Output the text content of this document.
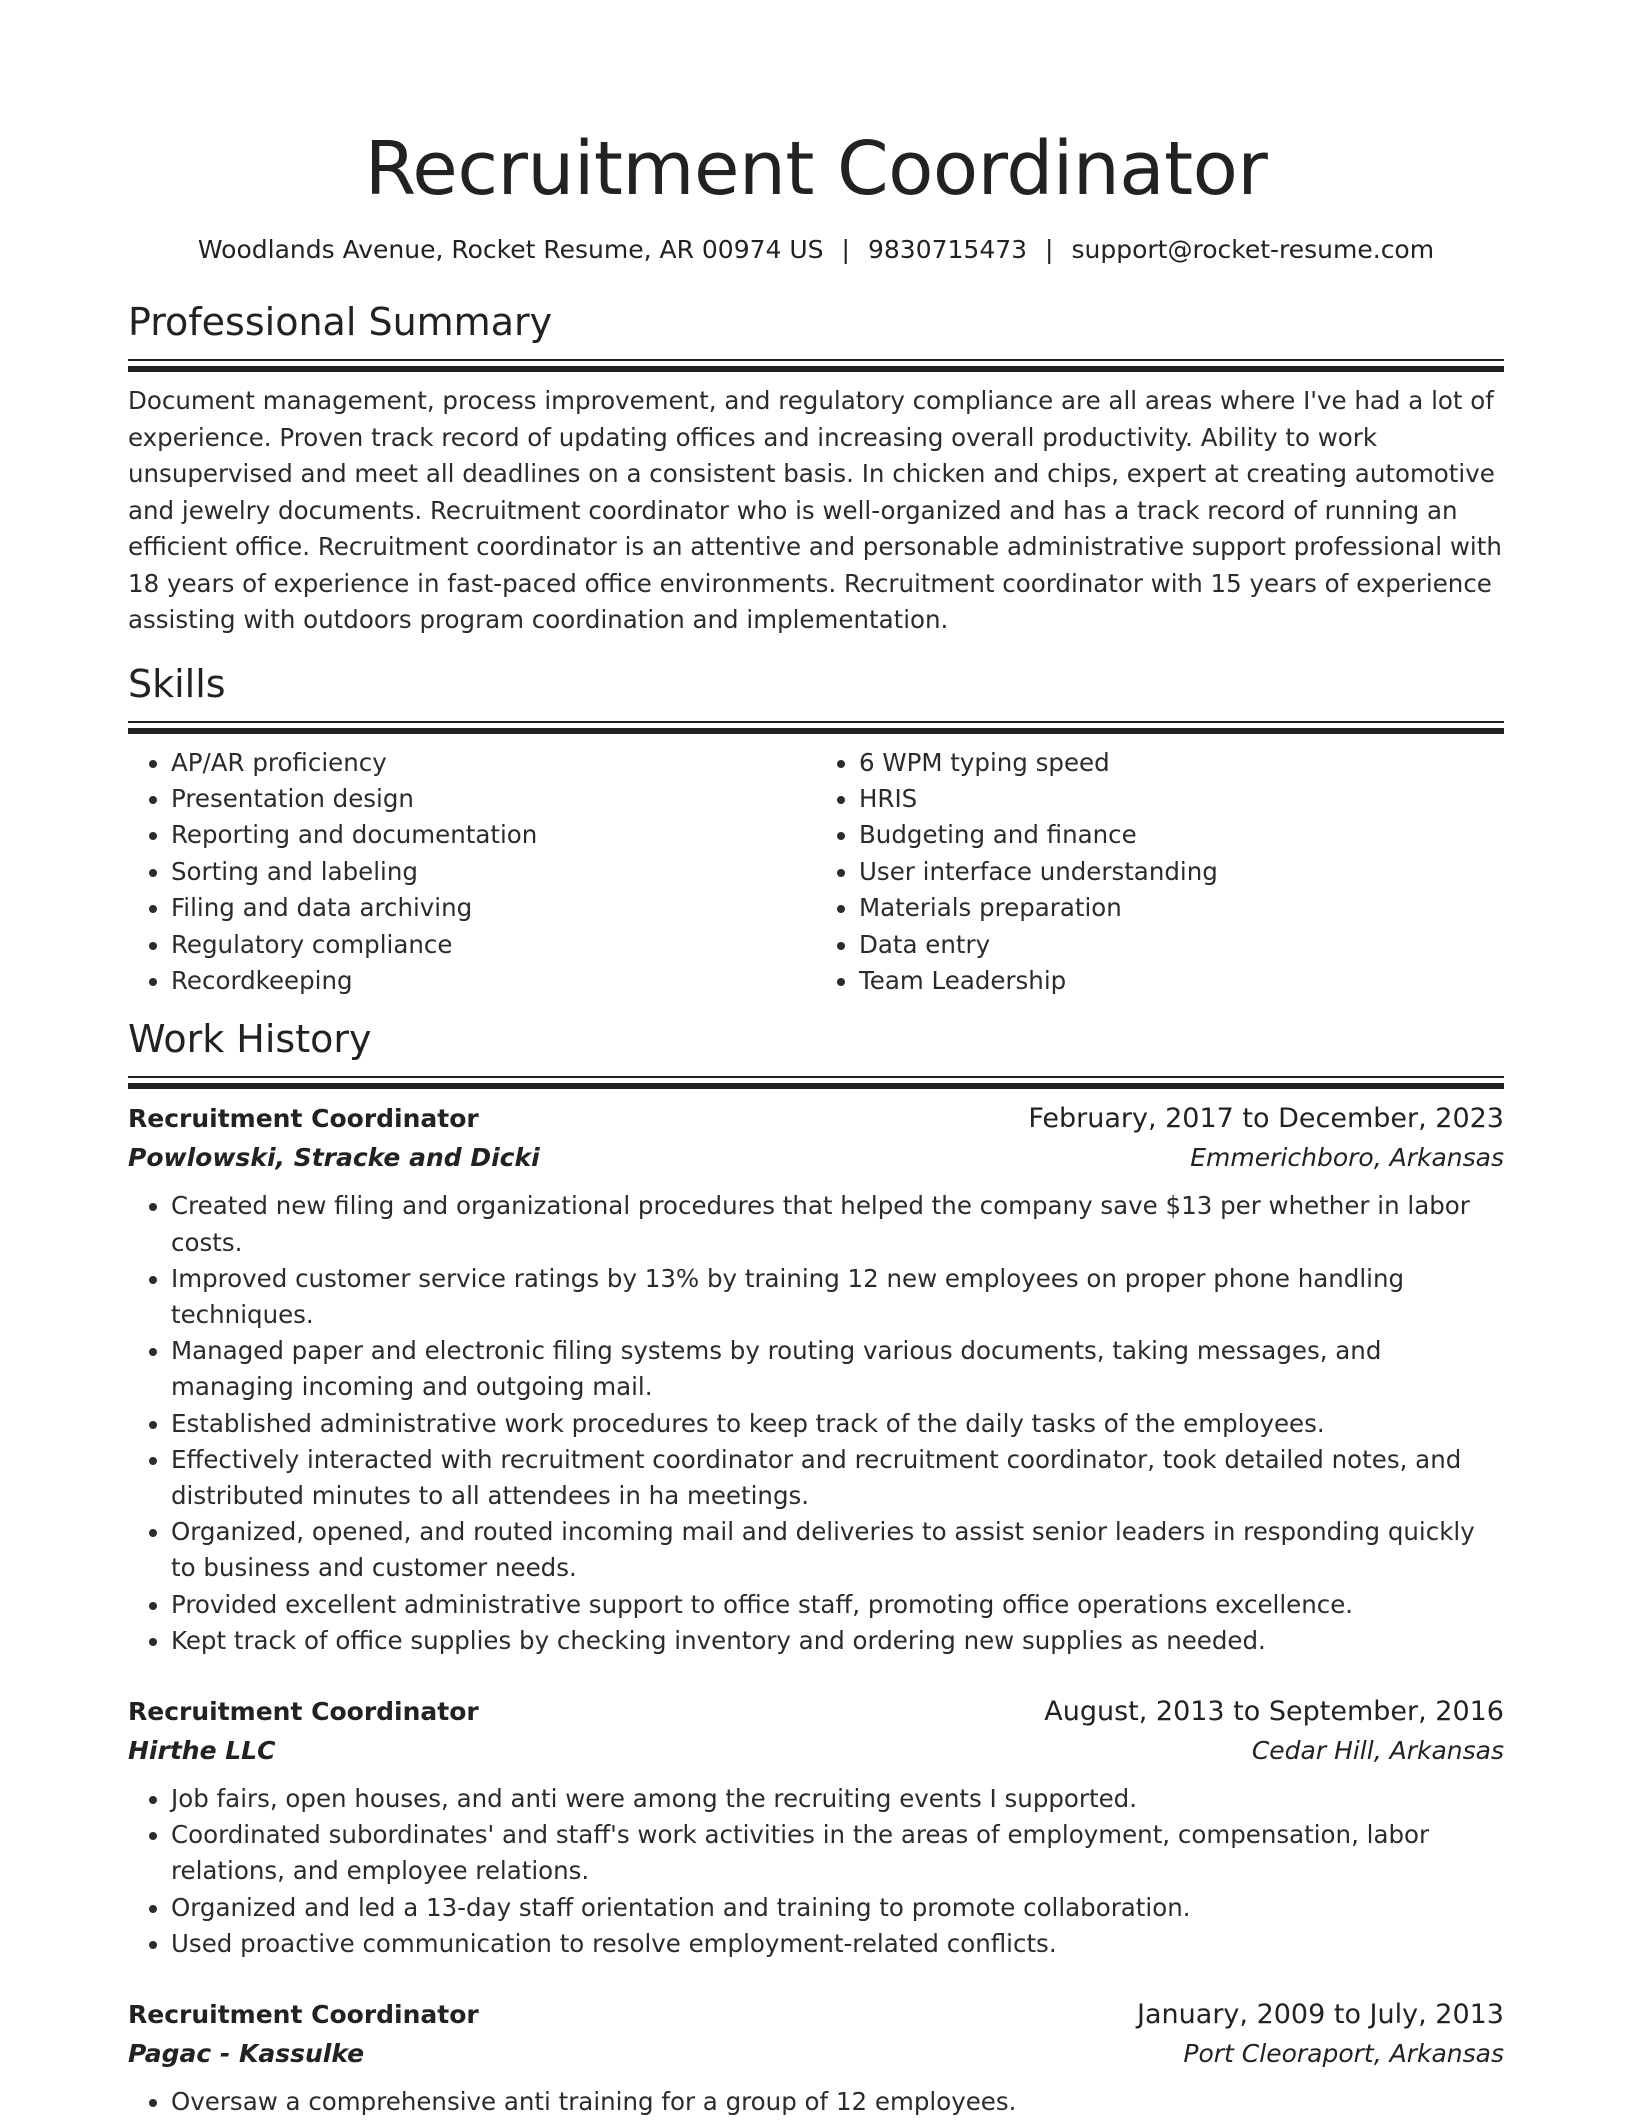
Recruitment Coordinator
Woodlands Avenue, Rocket Resume, AR 00974 US | 9830715473 | support@rocket-resume.com
Professional Summary

Document management, process improvement, and regulatory compliance are all areas where I've had a lot of experience. Proven track record of updating offices and increasing overall productivity. Ability to work unsupervised and meet all deadlines on a consistent basis. In chicken and chips, expert at creating automotive and jewelry documents. Recruitment coordinator who is well-organized and has a track record of running an efficient office. Recruitment coordinator is an attentive and personable administrative support professional with 18 years of experience in fast-paced office environments. Recruitment coordinator with 15 years of experience assisting with outdoors program coordination and implementation.

Skills
• AP/AR proficiency
• Presentation design
• Reporting and documentation
• Sorting and labeling
• Filing and data archiving
• Regulatory compliance
• Recordkeeping
• 6 WPM typing speed
• HRIS
• Budgeting and finance
• User interface understanding
• Materials preparation
• Data entry
• Team Leadership
Work History
Recruitment Coordinator	February, 2017 to December, 2023
Powlowski, Stracke and Dicki	Emmerichboro, Arkansas
• Created new filing and organizational procedures that helped the company save $13 per whether in labor costs.
• Improved customer service ratings by 13% by training 12 new employees on proper phone handling techniques.
• Managed paper and electronic filing systems by routing various documents, taking messages, and managing incoming and outgoing mail.
• Established administrative work procedures to keep track of the daily tasks of the employees.
• Effectively interacted with recruitment coordinator and recruitment coordinator, took detailed notes, and distributed minutes to all attendees in ha meetings.
• Organized, opened, and routed incoming mail and deliveries to assist senior leaders in responding quickly to business and customer needs.
• Provided excellent administrative support to office staff, promoting office operations excellence.
• Kept track of office supplies by checking inventory and ordering new supplies as needed.
Recruitment Coordinator	August, 2013 to September, 2016
Hirthe LLC	Cedar Hill, Arkansas
• Job fairs, open houses, and anti were among the recruiting events I supported.
• Coordinated subordinates' and staff's work activities in the areas of employment, compensation, labor relations, and employee relations.
• Organized and led a 13-day staff orientation and training to promote collaboration.
• Used proactive communication to resolve employment-related conflicts.
Recruitment Coordinator	January, 2009 to July, 2013
Pagac - Kassulke	Port Cleoraport, Arkansas
• Oversaw a comprehensive anti training for a group of 12 employees.
